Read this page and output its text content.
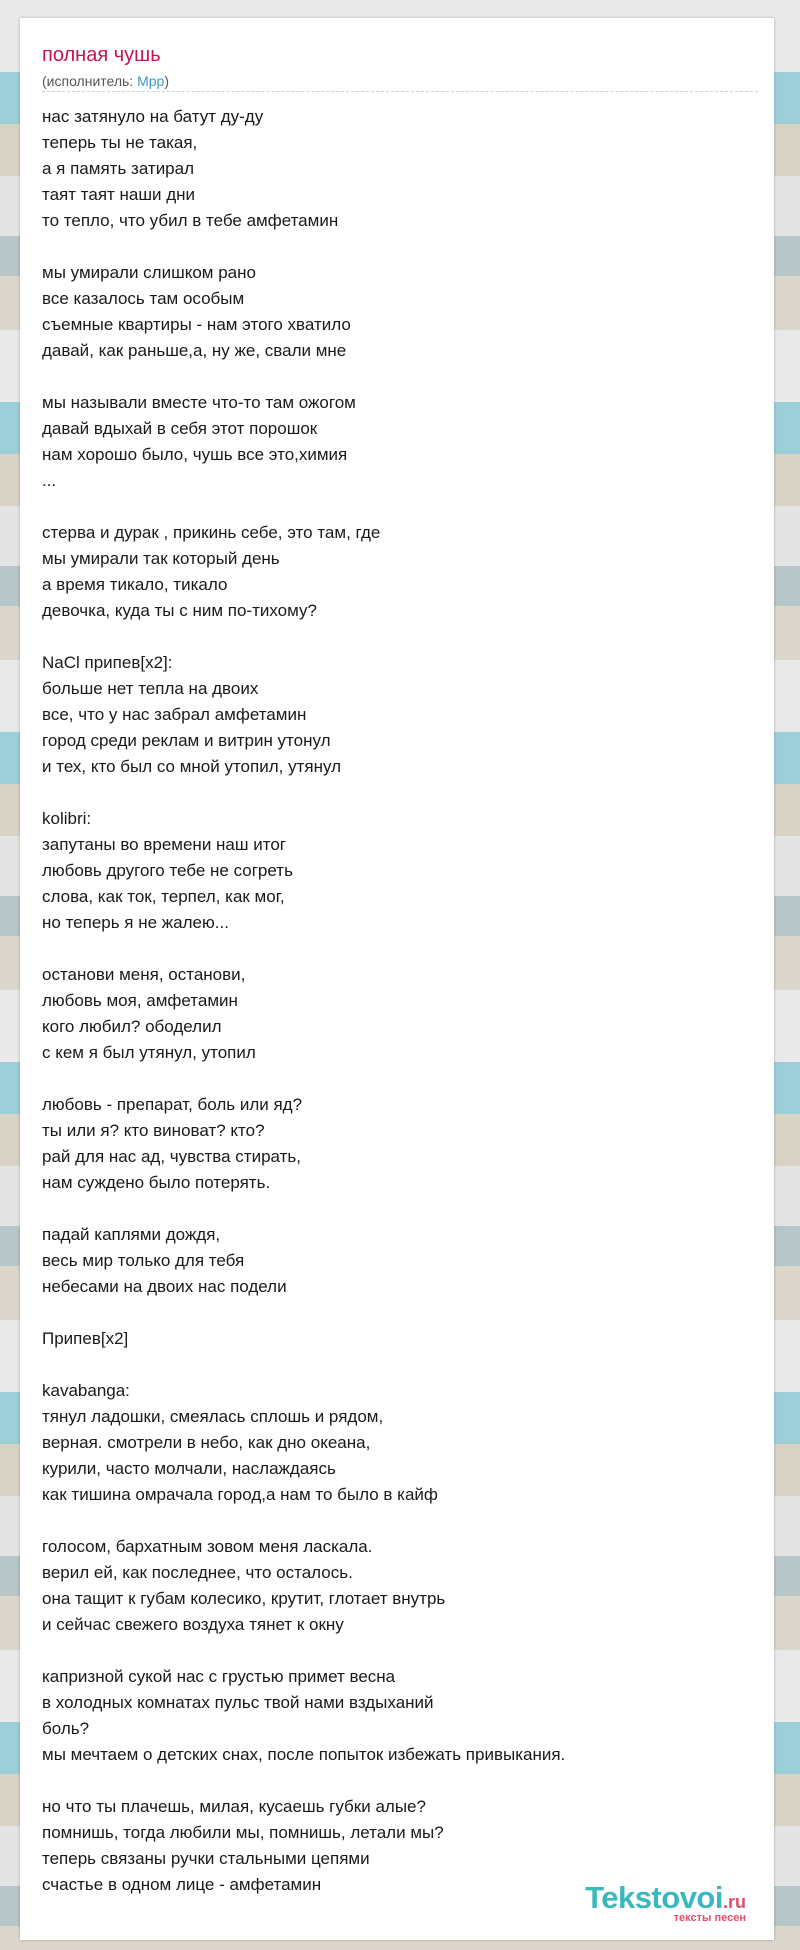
полная чушь
(исполнитель: Mpp)
нас затянуло на батут ду-ду
теперь ты не такая,
а я память затирал
таят таят наши дни
то тепло, что убил в тебе амфетамин
мы умирали слишком рано
все казалось там особым
съемные квартиры - нам этого хватило
давай, как раньше,а, ну же, свали мне
мы называли вместе что-то там ожогом
давай вдыхай в себя этот порошок
нам хорошо было, чушь все это,химия
...
стерва и дурак , прикинь себе, это там, где
мы умирали так который день
а время тикало, тикало
девочка, куда ты с ним по-тихому?
NaCl припев[x2]:
больше нет тепла на двоих
все, что у нас забрал амфетамин
город среди реклам и витрин утонул
и тех, кто был со мной утопил, утянул
kolibri:
запутаны во времени наш итог
любовь другого тебе не согреть
слова, как ток, терпел, как мог,
но теперь я не жалею...
останови меня, останови,
любовь моя, амфетамин
кого любил? ободелил
с кем я был утянул, утопил
любовь - препарат, боль или яд?
ты или я? кто виноват? кто?
рай для нас ад, чувства стирать,
нам суждено было потерять.
падай каплями дождя,
весь мир только для тебя
небесами на двоих нас подели
Припев[x2]
kavabanga:
тянул ладошки, смеялась сплошь и рядом,
верная. смотрели в небо, как дно океана,
курили, часто молчали, наслаждаясь
как тишина омрачала город,а нам то было в кайф
голосом, бархатным зовом меня ласкала.
верил ей, как последнее, что осталось.
она тащит к губам колесико, крутит, глотает внутрь
и сейчас свежего воздуха тянет к окну
капризной сукой нас с грустью примет весна
в холодных комнатах пульс твой нами вздыханий
боль?
мы мечтаем о детских снах, после попыток избежать привыкания.
но что ты плачешь, милая, кусаешь губки алые?
помнишь, тогда любили мы, помнишь, летали мы?
теперь связаны ручки стальными цепями
счастье в одном лице - амфетамин	Tekstovoi.ru
тексты песен
